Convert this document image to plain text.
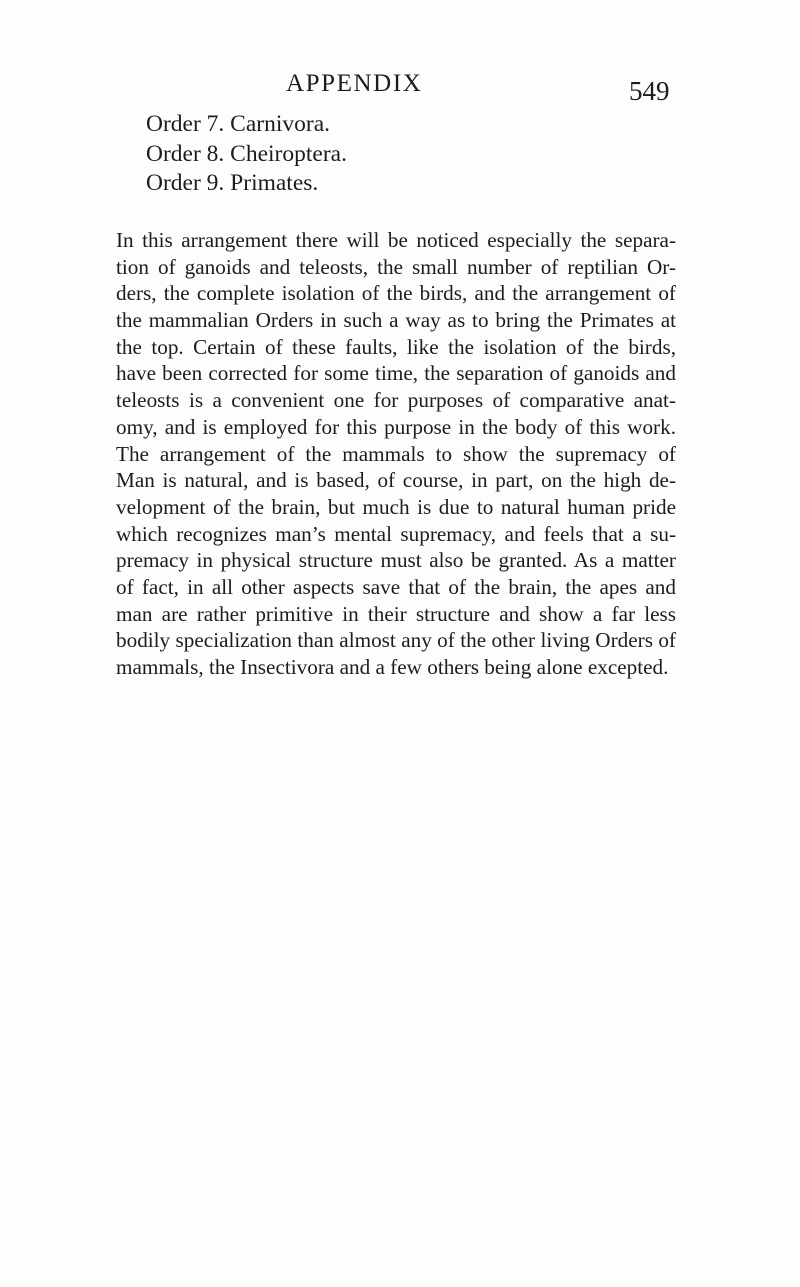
APPENDIX	549
Order 7. Carnivora.
Order 8. Cheiroptera.
Order 9. Primates.
In this arrangement there will be noticed especially the separa-
tion of ganoids and teleosts, the small number of reptilian Or-
ders, the complete isolation of the birds, and the arrangement of
the mammalian Orders in such a way as to bring the Primates at
the top. Certain of these faults, like the isolation of the birds,
have been corrected for some time, the separation of ganoids and
teleosts is a convenient one for purposes of comparative anat-
omy, and is employed for this purpose in the body of this work.
The arrangement of the mammals to show the supremacy of
Man is natural, and is based, of course, in part, on the high de-
velopment of the brain, but much is due to natural human pride
which recognizes man’s mental supremacy, and feels that a su-
premacy in physical structure must also be granted. As a matter
of fact, in all other aspects save that of the brain, the apes and
man are rather primitive in their structure and show a far less
bodily specialization than almost any of the other living Orders of
mammals, the Insectivora and a few others being alone excepted.
